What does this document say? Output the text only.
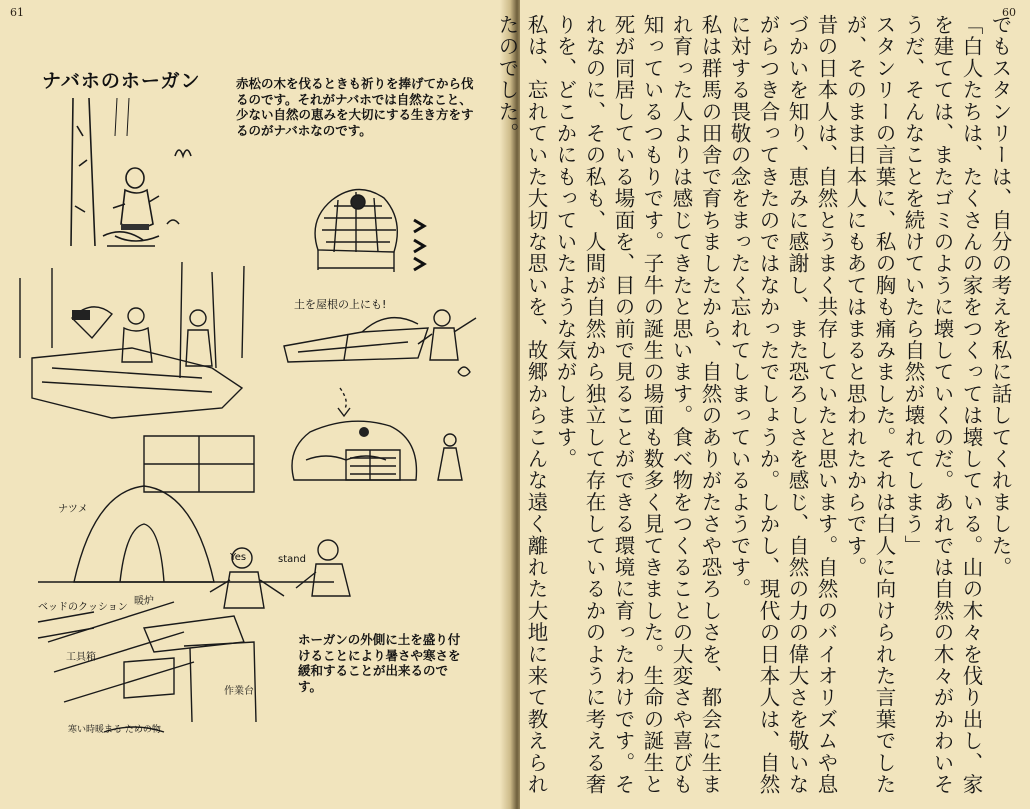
61
ナバホのホーガン	赤松の木を伐るときも祈りを捧げてから伐るのです。それがナバホでは自然なこと、少ない自然の恵みを大切にする生き方をするのがナバホなのです。
ホーガンの外側に土を盛り付けることにより暑さや寒さを緩和することが出来るのです。
土を屋根の上にも!
ベッドのクッション
ナツメ
暖炉
Yes	stand
工具箱
作業台
寒い時暖まる ための物
60

でもスタンリーは、自分の考えを私に話してくれました。

「白人たちは、たくさんの家をつくっては壊している。山の木々を伐り出し、家を建てては、またゴミのように壊していくのだ。あれでは自然の木々がかわいそうだ、そんなことを続けていたら自然が壊れてしまう」

スタンリーの言葉に、私の胸も痛みました。それは白人に向けられた言葉でしたが、そのまま日本人にもあてはまると思われたからです。

昔の日本人は、自然とうまく共存していたと思います。自然のバイオリズムや息づかいを知り、恵みに感謝し、また恐ろしさを感じ、自然の力の偉大さを敬いながらつき合ってきたのではなかったでしょうか。しかし、現代の日本人は、自然に対する畏敬の念をまったく忘れてしまっているようです。

私は群馬の田舎で育ちましたから、自然のありがたさや恐ろしさを、都会に生まれ育った人よりは感じてきたと思います。食べ物をつくることの大変さや喜びも知っているつもりです。子牛の誕生の場面も数多く見てきました。生命の誕生と死が同居している場面を、目の前で見ることができる環境に育ったわけです。それなのに、その私も、人間が自然から独立して存在しているかのように考える奢りを、どこかにもっていたような気がします。

私は、忘れていた大切な思いを、故郷からこんな遠く離れた大地に来て教えられたのでした。
